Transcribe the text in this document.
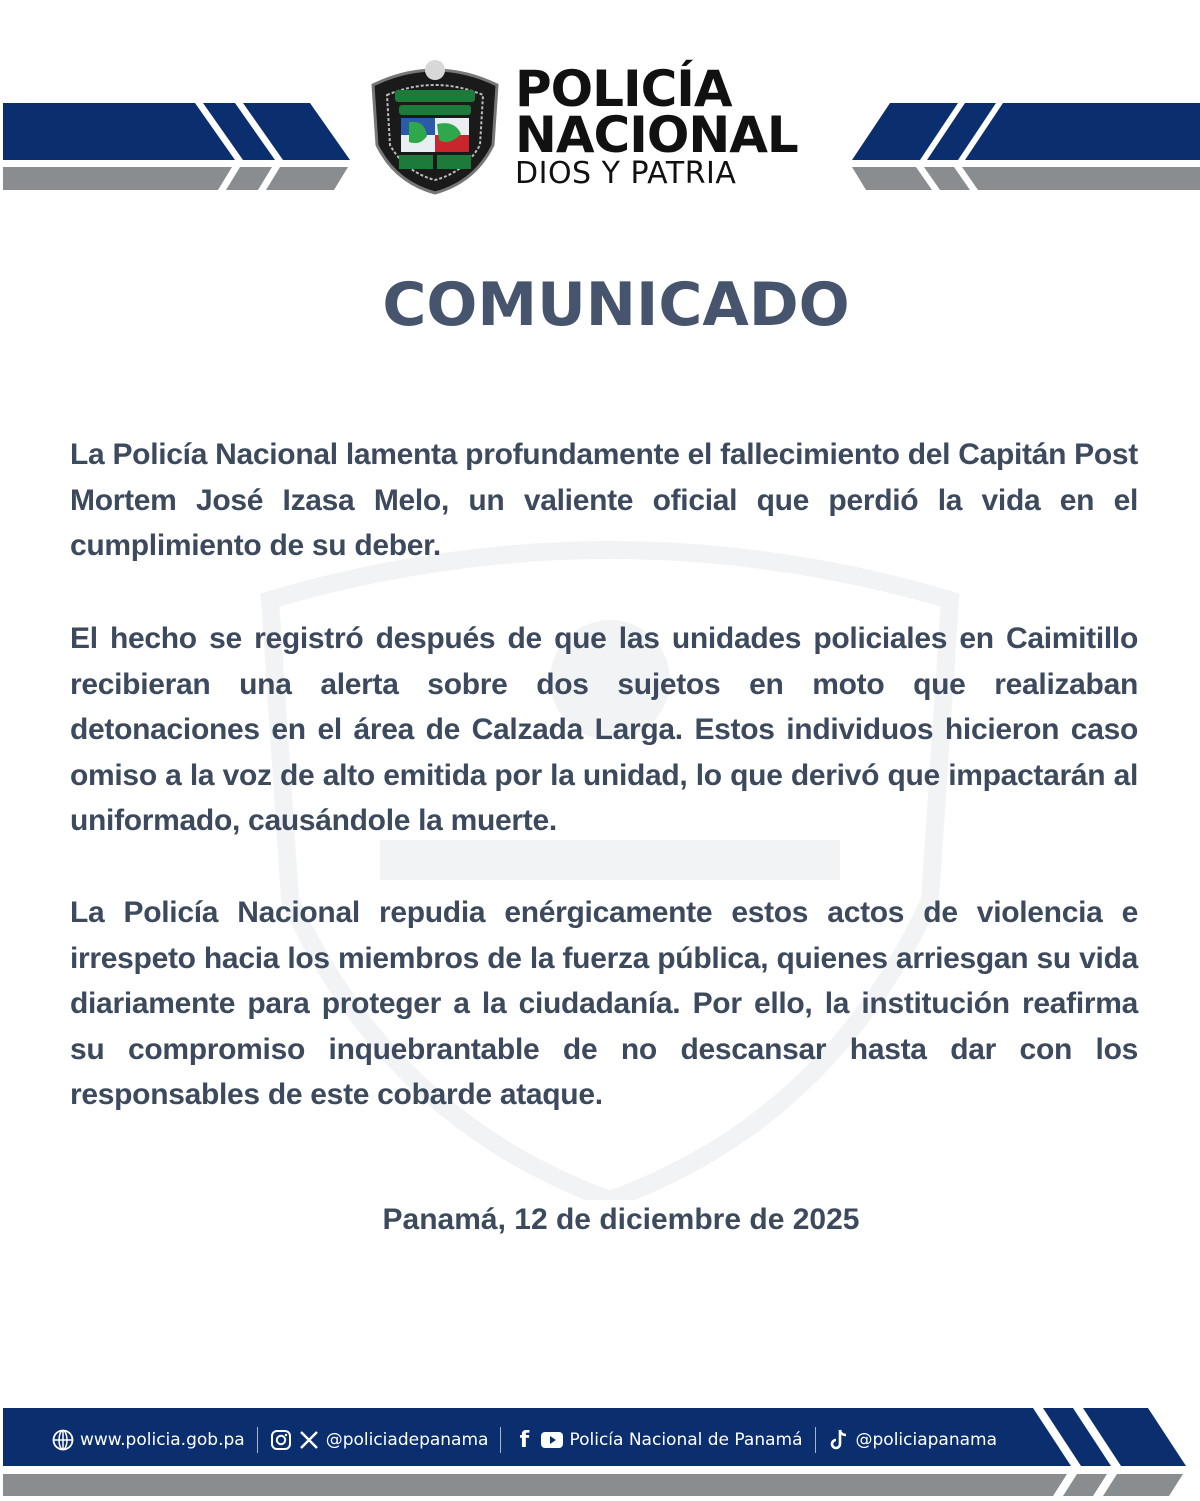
POLICÍA
NACIONAL
DIOS Y PATRIA
COMUNICADO

La Policía Nacional lamenta profundamente el fallecimiento del Capitán Post Mortem José Izasa Melo, un valiente oficial que perdió la vida en el cumplimiento de su deber.

El hecho se registró después de que las unidades policiales en Caimitillo recibieran una alerta sobre dos sujetos en moto que realizaban detonaciones en el área de Calzada Larga. Estos individuos hicieron caso omiso a la voz de alto emitida por la unidad, lo que derivó que impactarán al uniformado, causándole la muerte.

La Policía Nacional repudia enérgicamente estos actos de violencia e irrespeto hacia los miembros de la fuerza pública, quienes arriesgan su vida diariamente para proteger a la ciudadanía. Por ello, la institución reafirma su compromiso inquebrantable de no descansar hasta dar con los responsables de este cobarde ataque.

Panamá, 12 de diciembre de 2025
www.policia.gob.pa	@policiadepanama f	Policía Nacional de Panamá	@policiapanama
